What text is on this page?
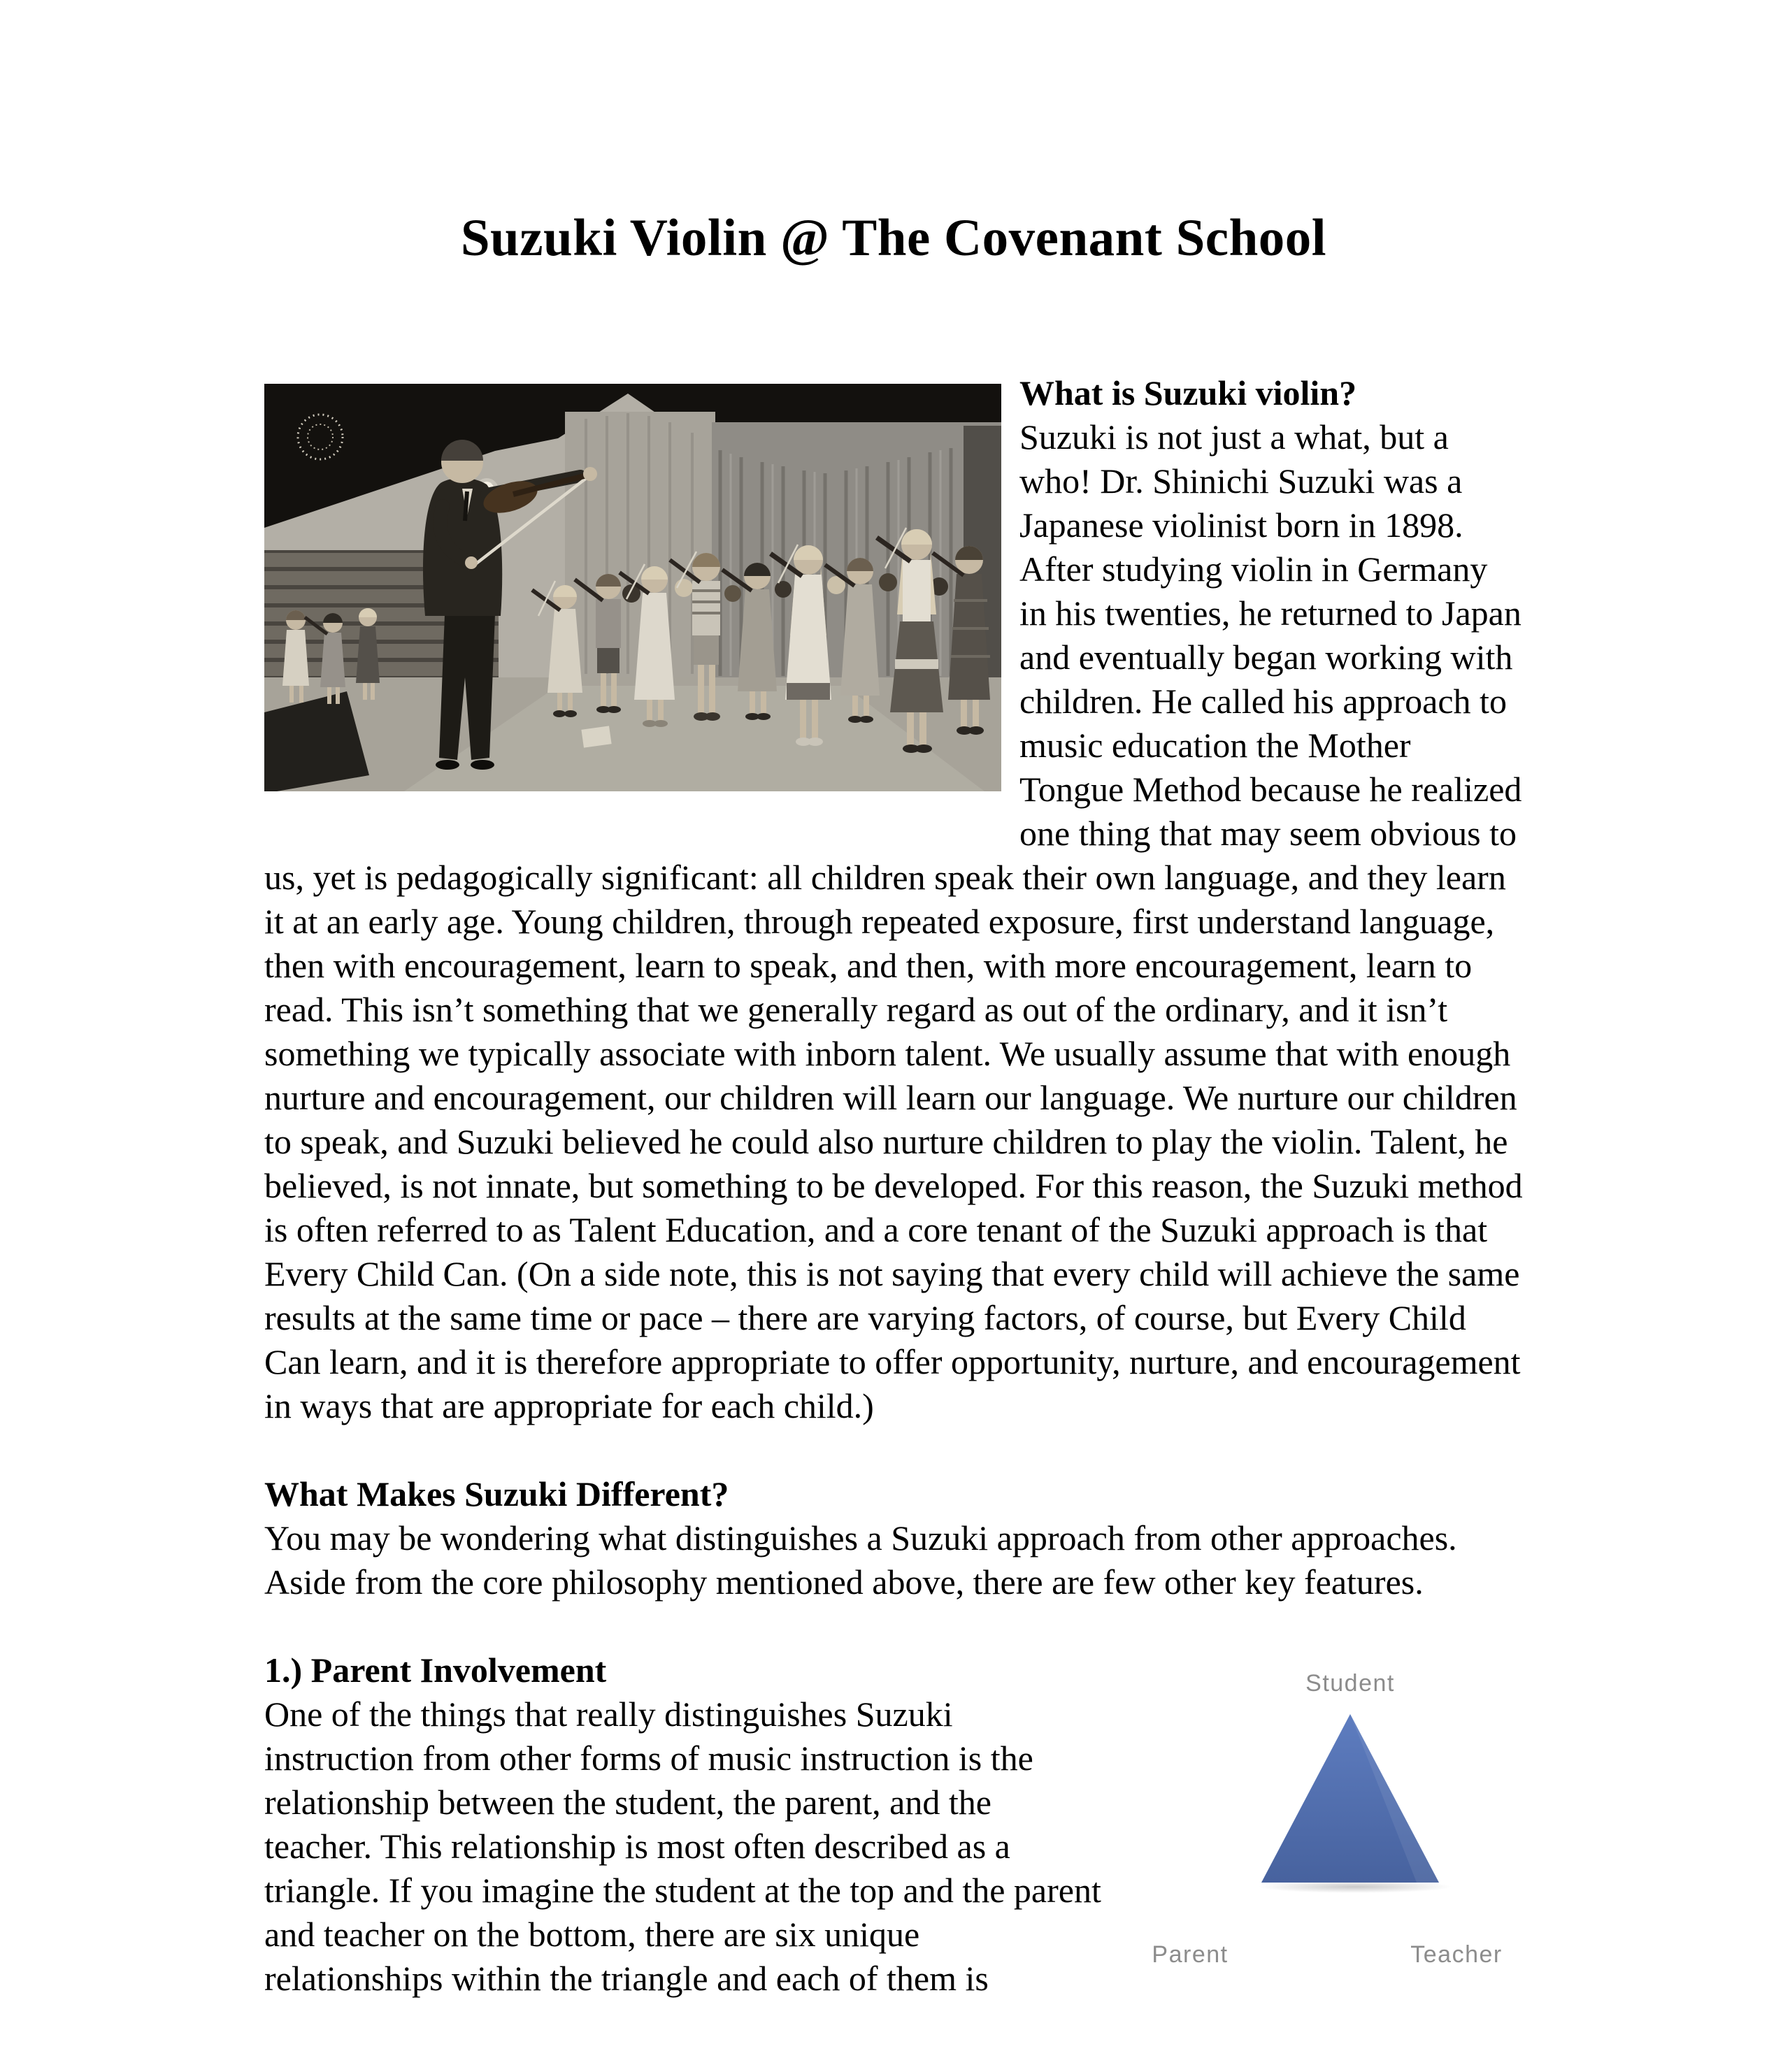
Suzuki Violin @ The Covenant School
What is Suzuki violin?

Suzuki is not just a what, but a who! Dr. Shinichi Suzuki was a Japanese violinist born in 1898. After studying violin in Germany in his twenties, he returned to Japan and eventually began working with children. He called his approach to music education the Mother Tongue Method because he realized one thing that may seem obvious to us, yet is pedagogically significant: all children speak their own language, and they learn it at an early age. Young children, through repeated exposure, first understand language, then with encouragement, learn to speak, and then, with more encouragement, learn to read. This isn’t something that we generally regard as out of the ordinary, and it isn’t something we typically associate with inborn talent. We usually assume that with enough nurture and encouragement, our children will learn our language. We nurture our children to speak, and Suzuki believed he could also nurture children to play the violin. Talent, he believed, is not innate, but something to be developed. For this reason, the Suzuki method is often referred to as Talent Education, and a core tenant of the Suzuki approach is that Every Child Can. (On a side note, this is not saying that every child will achieve the same results at the same time or pace – there are varying factors, of course, but Every Child Can learn, and it is therefore appropriate to offer opportunity, nurture, and encouragement in ways that are appropriate for each child.)

What Makes Suzuki Different?

You may be wondering what distinguishes a Suzuki approach from other approaches. Aside from the core philosophy mentioned above, there are few other key features.

Student
Parent	Teacher
1.) Parent Involvement

One of the things that really distinguishes Suzuki instruction from other forms of music instruction is the relationship between the student, the parent, and the teacher. This relationship is most often described as a triangle. If you imagine the student at the top and the parent and teacher on the bottom, there are six unique relationships within the triangle and each of them is
